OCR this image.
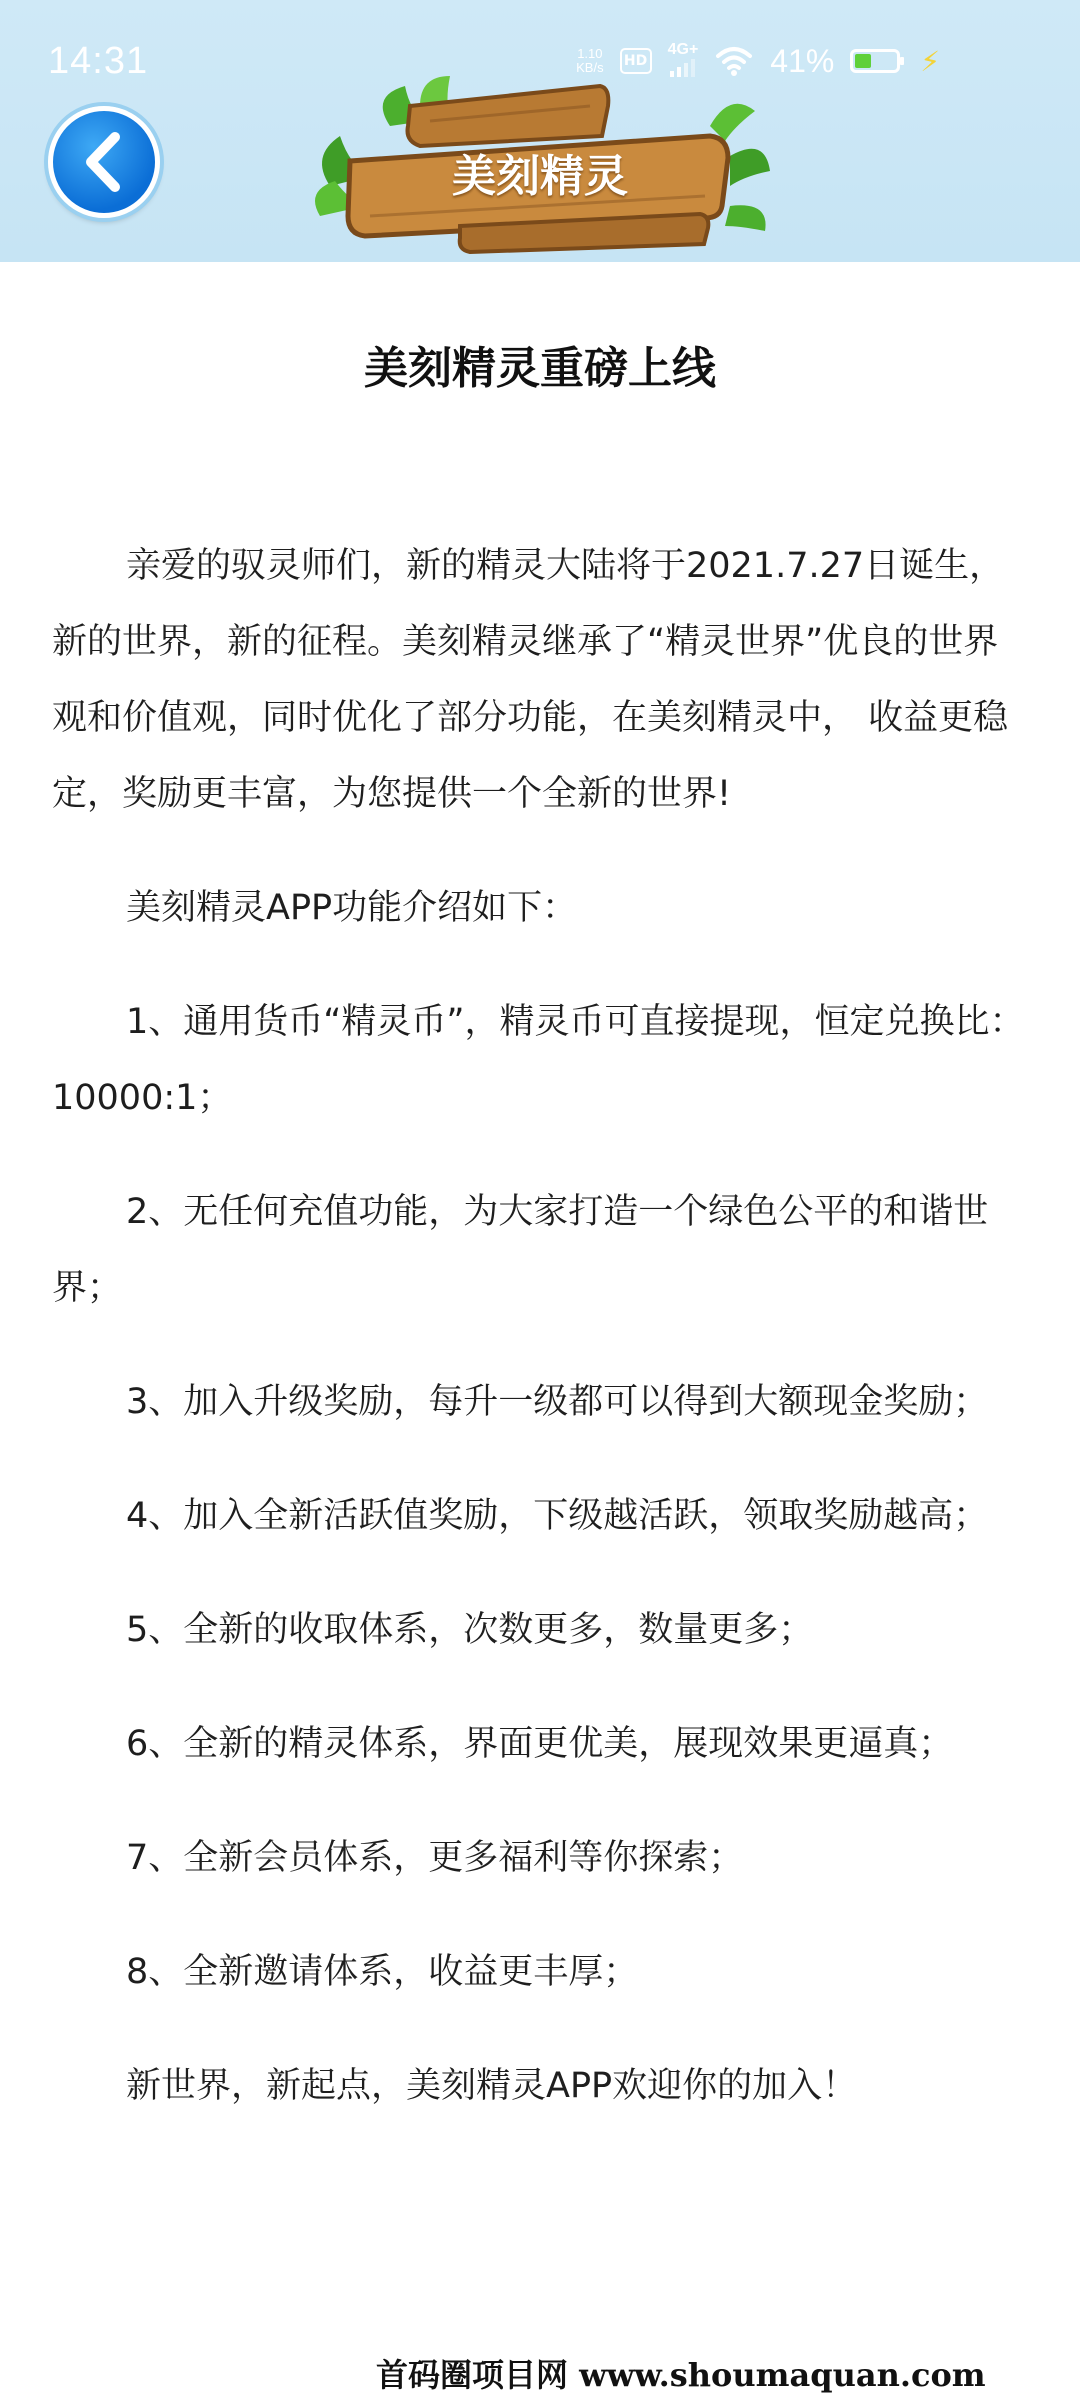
14:31	1.10
KB/s	HD
4G+ 41%	⚡
美刻精灵
美刻精灵重磅上线

亲爱的驭灵师们，新的精灵大陆将于2021.7.27日诞生，新的世界，新的征程。美刻精灵继承了“精灵世界”优良的世界观和价值观，同时优化了部分功能，在美刻精灵中， 收益更稳定，奖励更丰富，为您提供一个全新的世界!

美刻精灵APP功能介绍如下：

1、通用货币“精灵币”，精灵币可直接提现，恒定兑换比：10000:1；

2、无任何充值功能，为大家打造一个绿色公平的和谐世界；

3、加入升级奖励，每升一级都可以得到大额现金奖励；

4、加入全新活跃值奖励，下级越活跃，领取奖励越高；

5、全新的收取体系，次数更多，数量更多；

6、全新的精灵体系，界面更优美，展现效果更逼真；

7、全新会员体系，更多福利等你探索；

8、全新邀请体系，收益更丰厚；

新世界，新起点，美刻精灵APP欢迎你的加入！

首码圈项目网 www.shoumaquan.com
